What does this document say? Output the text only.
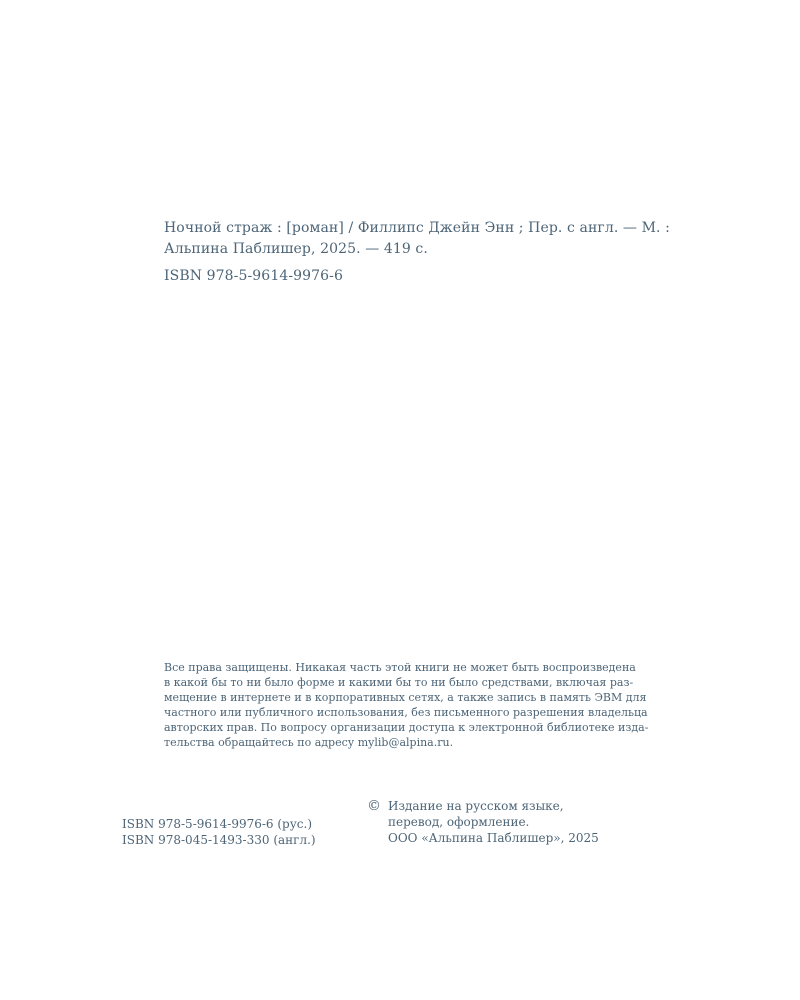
Ночной страж : [роман] / Филлипс Джейн Энн ; Пер. с англ. — М. :
Альпина Паблишер, 2025. — 419 с.
ISBN 978-5-9614-9976-6
Все права защищены. Никакая часть этой книги не может быть воспроизведена
в какой бы то ни было форме и какими бы то ни было средствами, включая раз-
мещение в интернете и в корпоративных сетях, а также запись в память ЭВМ для
частного или публичного использования, без письменного разрешения владельца
авторских прав. По вопросу организации доступа к электронной библиотеке изда-
тельства обращайтесь по адресу mylib@alpina.ru.
ISBN 978-5-9614-9976-6 (рус.)
ISBN 978-045-1493-330 (англ.)
© Издание на русском языке,
перевод, оформление.
ООО «Альпина Паблишер», 2025
